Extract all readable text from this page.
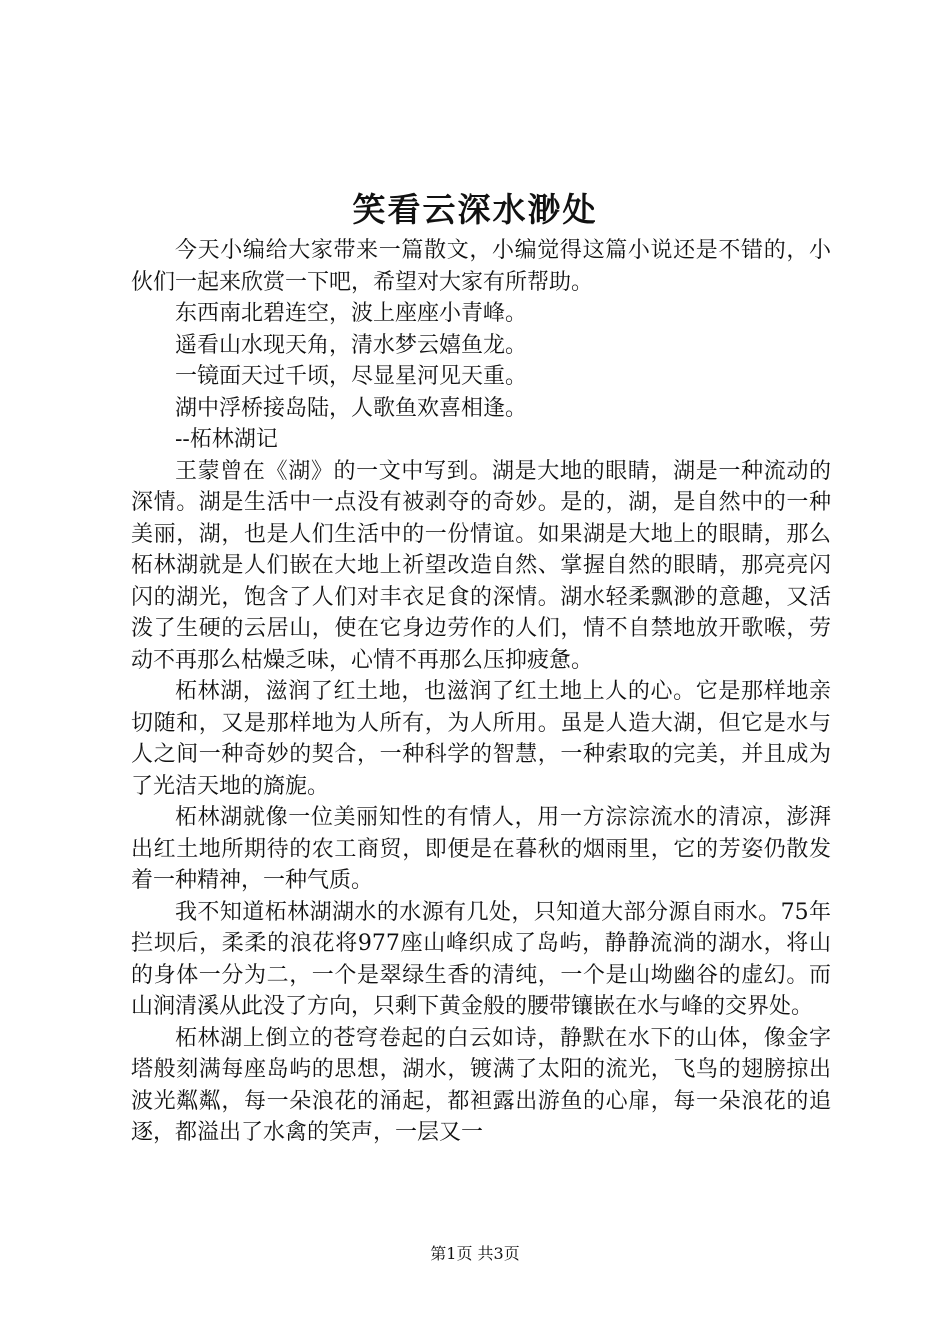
笑看云深水渺处

今天小编给大家带来一篇散文，小编觉得这篇小说还是不错的，小伙们一起来欣赏一下吧，希望对大家有所帮助。

东西南北碧连空，波上座座小青峰。

遥看山水现天角，清水梦云嬉鱼龙。

一镜面天过千顷，尽显星河见天重。

湖中浮桥接岛陆，人歌鱼欢喜相逢。

--柘林湖记

王蒙曾在《湖》的一文中写到。湖是大地的眼睛，湖是一种流动的深情。湖是生活中一点没有被剥夺的奇妙。是的，湖，是自然中的一种美丽，湖，也是人们生活中的一份情谊。如果湖是大地上的眼睛，那么柘林湖就是人们嵌在大地上祈望改造自然、掌握自然的眼睛，那亮亮闪闪的湖光，饱含了人们对丰衣足食的深情。湖水轻柔飘渺的意趣，又活泼了生硬的云居山，使在它身边劳作的人们，情不自禁地放开歌喉，劳动不再那么枯燥乏味，心情不再那么压抑疲惫。

柘林湖，滋润了红土地，也滋润了红土地上人的心。它是那样地亲切随和，又是那样地为人所有，为人所用。虽是人造大湖，但它是水与人之间一种奇妙的契合，一种科学的智慧，一种索取的完美，并且成为了光洁天地的旖旎。

柘林湖就像一位美丽知性的有情人，用一方淙淙流水的清凉，澎湃出红土地所期待的农工商贸，即便是在暮秋的烟雨里，它的芳姿仍散发着一种精神，一种气质。

我不知道柘林湖湖水的水源有几处，只知道大部分源自雨水。75年拦坝后，柔柔的浪花将977座山峰织成了岛屿，静静流淌的湖水，将山的身体一分为二，一个是翠绿生香的清纯，一个是山坳幽谷的虚幻。而山涧清溪从此没了方向，只剩下黄金般的腰带镶嵌在水与峰的交界处。

柘林湖上倒立的苍穹卷起的白云如诗，静默在水下的山体，像金字塔般刻满每座岛屿的思想，湖水，镀满了太阳的流光，飞鸟的翅膀掠出波光粼粼，每一朵浪花的涌起，都袒露出游鱼的心扉，每一朵浪花的追逐，都溢出了水禽的笑声，一层又一

第1页 共3页
